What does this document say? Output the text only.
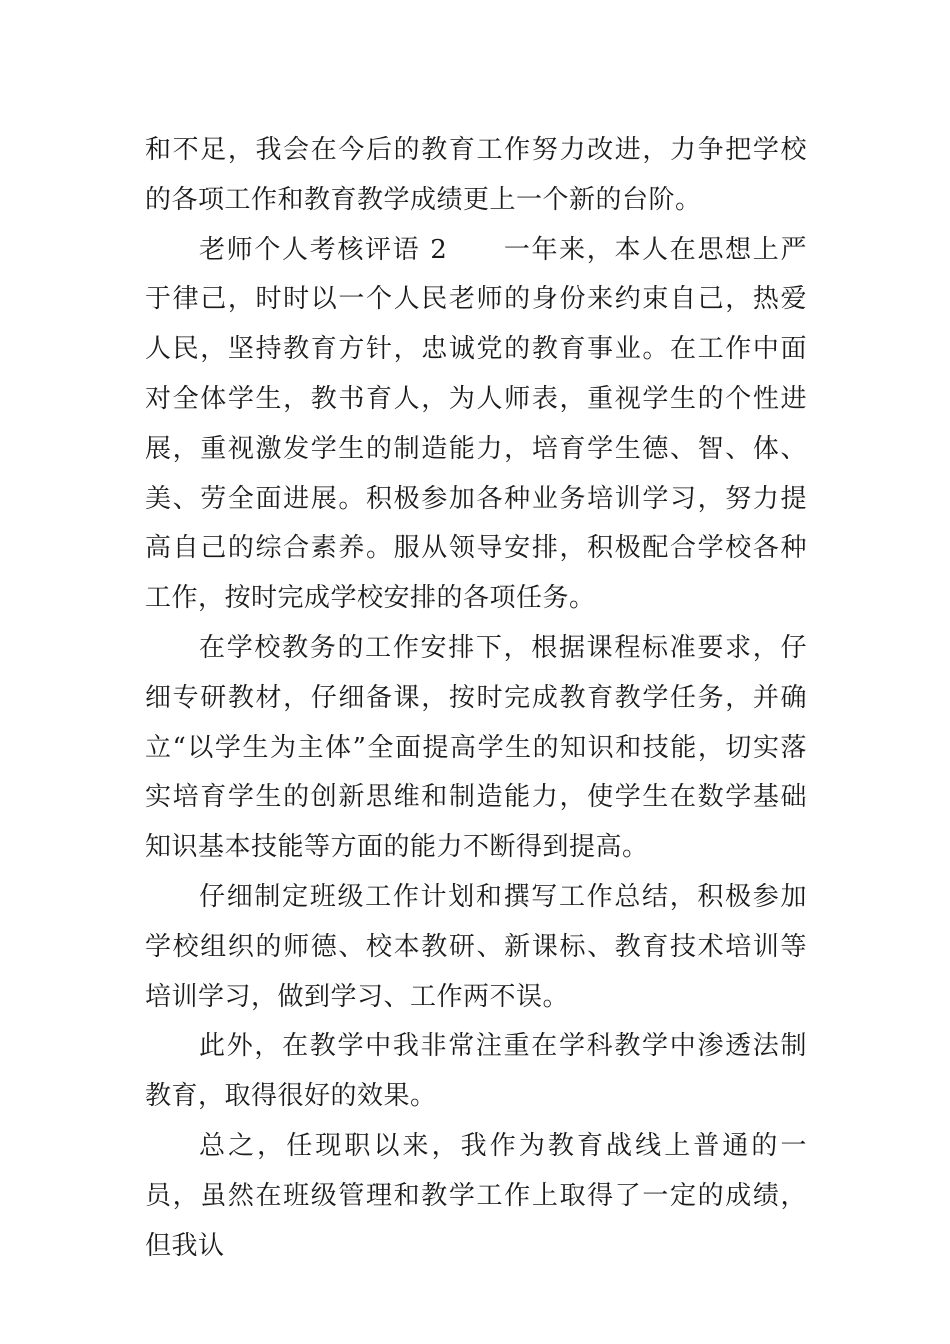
和不足，我会在今后的教育工作努力改进，力争把学校的各项工作和教育教学成绩更上一个新的台阶。

老师个人考核评语 2　　 一年来，本人在思想上严于律己，时时以一个人民老师的身份来约束自己，热爱人民，坚持教育方针，忠诚党的教育事业。在工作中面对全体学生，教书育人，为人师表，重视学生的个性进展，重视激发学生的制造能力，培育学生德、智、体、美、劳全面进展。积极参加各种业务培训学习，努力提高自己的综合素养。服从领导安排，积极配合学校各种工作，按时完成学校安排的各项任务。

在学校教务的工作安排下，根据课程标准要求，仔细专研教材，仔细备课，按时完成教育教学任务，并确立“以学生为主体”全面提高学生的知识和技能，切实落实培育学生的创新思维和制造能力，使学生在数学基础知识基本技能等方面的能力不断得到提高。

仔细制定班级工作计划和撰写工作总结，积极参加学校组织的师德、校本教研、新课标、教育技术培训等培训学习，做到学习、工作两不误。

此外，在教学中我非常注重在学科教学中渗透法制教育，取得很好的效果。

总之，任现职以来，我作为教育战线上普通的一员，虽然在班级管理和教学工作上取得了一定的成绩，但我认
